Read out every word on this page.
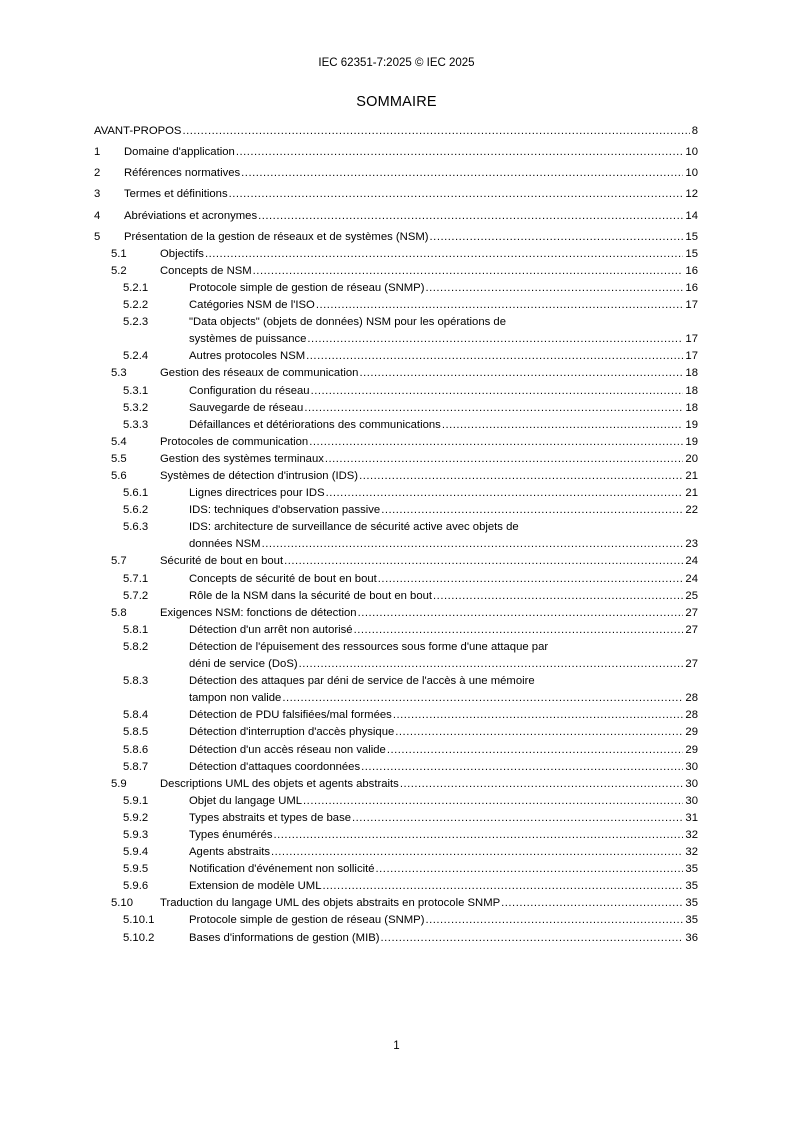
IEC 62351-7:2025 © IEC 2025
SOMMAIRE
AVANT-PROPOS .....	8
1 Domaine d'application .....	10
2 Références normatives .....	10
3 Termes et définitions .....	12
4 Abréviations et acronymes .....	14
5 Présentation de la gestion de réseaux et de systèmes (NSM) .....	15
5.1	Objectifs .....	15
5.2	Concepts de NSM .....	16
5.2.1	Protocole simple de gestion de réseau (SNMP) .....	16
5.2.2	Catégories NSM de l'ISO .....	17
5.2.3	"Data objects" (objets de données) NSM pour les opérations de
systèmes de puissance .....	17
5.2.4	Autres protocoles NSM .....	17
5.3	Gestion des réseaux de communication .....	18
5.3.1	Configuration du réseau .....	18
5.3.2	Sauvegarde de réseau .....	18
5.3.3	Défaillances et détériorations des communications .....	19
5.4	Protocoles de communication .....	19
5.5	Gestion des systèmes terminaux .....	20
5.6	Systèmes de détection d'intrusion (IDS) .....	21
5.6.1	Lignes directrices pour IDS .....	21
5.6.2	IDS: techniques d'observation passive .....	22
5.6.3	IDS: architecture de surveillance de sécurité active avec objets de
données NSM .....	23
5.7	Sécurité de bout en bout .....	24
5.7.1	Concepts de sécurité de bout en bout .....	24
5.7.2	Rôle de la NSM dans la sécurité de bout en bout .....	25
5.8	Exigences NSM: fonctions de détection .....	27
5.8.1	Détection d'un arrêt non autorisé .....	27
5.8.2	Détection de l'épuisement des ressources sous forme d'une attaque par
déni de service (DoS) .....	27
5.8.3	Détection des attaques par déni de service de l'accès à une mémoire
tampon non valide .....	28
5.8.4	Détection de PDU falsifiées/mal formées .....	28
5.8.5	Détection d'interruption d'accès physique .....	29
5.8.6	Détection d'un accès réseau non valide .....	29
5.8.7	Détection d'attaques coordonnées .....	30
5.9	Descriptions UML des objets et agents abstraits .....	30
5.9.1	Objet du langage UML .....	30
5.9.2	Types abstraits et types de base .....	31
5.9.3	Types énumérés .....	32
5.9.4	Agents abstraits .....	32
5.9.5	Notification d'événement non sollicité .....	35
5.9.6	Extension de modèle UML .....	35
5.10 Traduction du langage UML des objets abstraits en protocole SNMP .....	35
5.10.1	Protocole simple de gestion de réseau (SNMP) .....	35
5.10.2	Bases d'informations de gestion (MIB) .....	36
1
